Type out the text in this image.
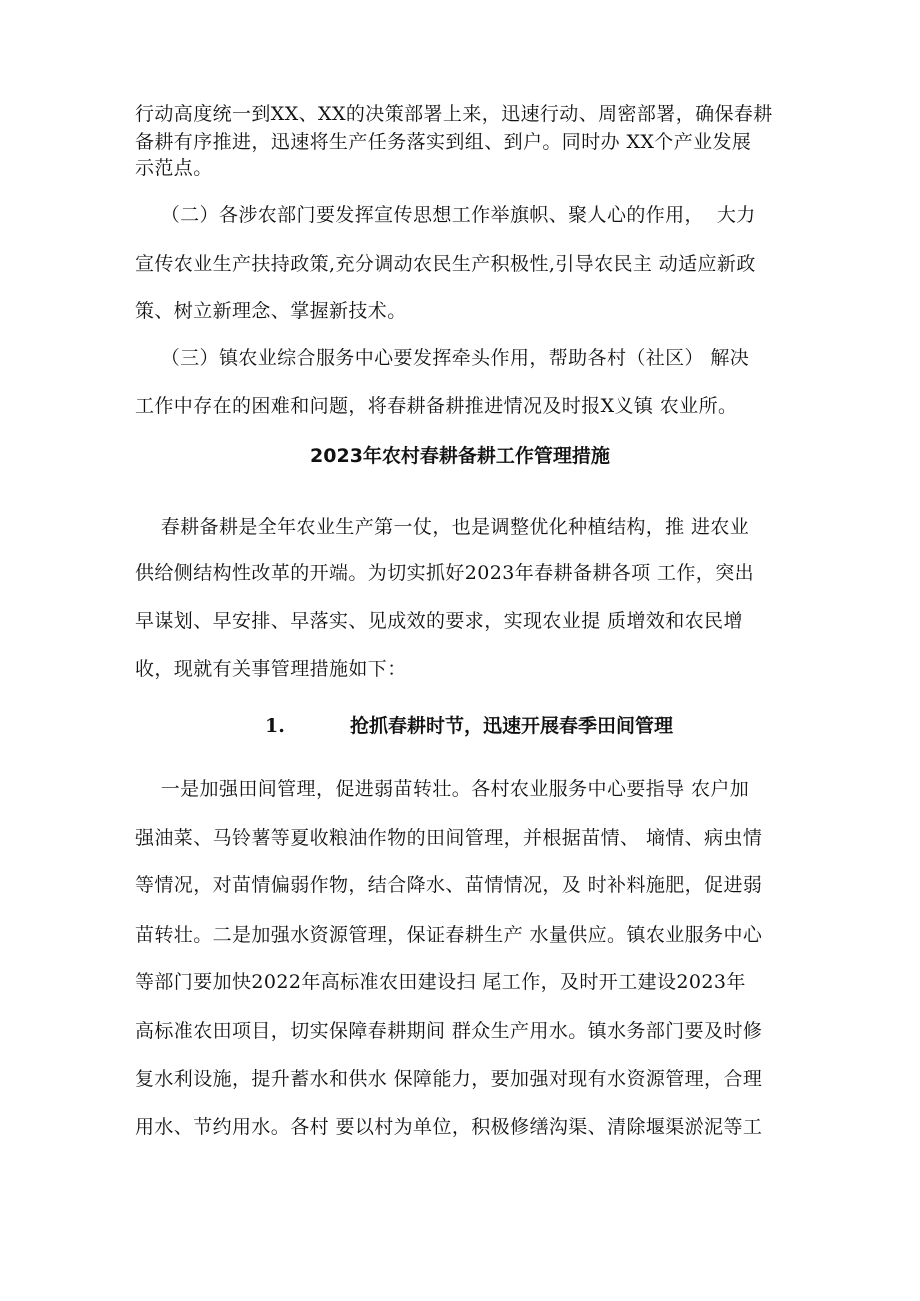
行动高度统一到XX、XX的决策部署上来，迅速行动、周密部署，确保春耕
备耕有序推进，迅速将生产任务落实到组、到户。同时办 XX个产业发展
示范点。
（二）各涉农部门要发挥宣传思想工作举旗帜、聚人心的作用，  大力
宣传农业生产扶持政策,充分调动农民生产积极性,引导农民主 动适应新政
策、树立新理念、掌握新技术。
（三）镇农业综合服务中心要发挥牵头作用，帮助各村（社区） 解决
工作中存在的困难和问题，将春耕备耕推进情况及时报X义镇 农业所。
2023年农村春耕备耕工作管理措施
春耕备耕是全年农业生产第一仗，也是调整优化种植结构，推 进农业
供给侧结构性改革的开端。为切实抓好2023年春耕备耕各项 工作，突出
早谋划、早安排、早落实、见成效的要求，实现农业提 质增效和农民增
收，现就有关事管理措施如下：
1.	抢抓春耕时节，迅速开展春季田间管理
一是加强田间管理，促进弱苗转壮。各村农业服务中心要指导 农户加
强油菜、马铃薯等夏收粮油作物的田间管理，并根据苗情、 墒情、病虫情
等情况，对苗情偏弱作物，结合降水、苗情情况，及 时补料施肥，促进弱
苗转壮。二是加强水资源管理，保证春耕生产 水量供应。镇农业服务中心
等部门要加快2022年高标准农田建设扫 尾工作，及时开工建设2023年
高标准农田项目，切实保障春耕期间 群众生产用水。镇水务部门要及时修
复水利设施，提升蓄水和供水 保障能力，要加强对现有水资源管理，合理
用水、节约用水。各村 要以村为单位，积极修缮沟渠、清除堰渠淤泥等工
